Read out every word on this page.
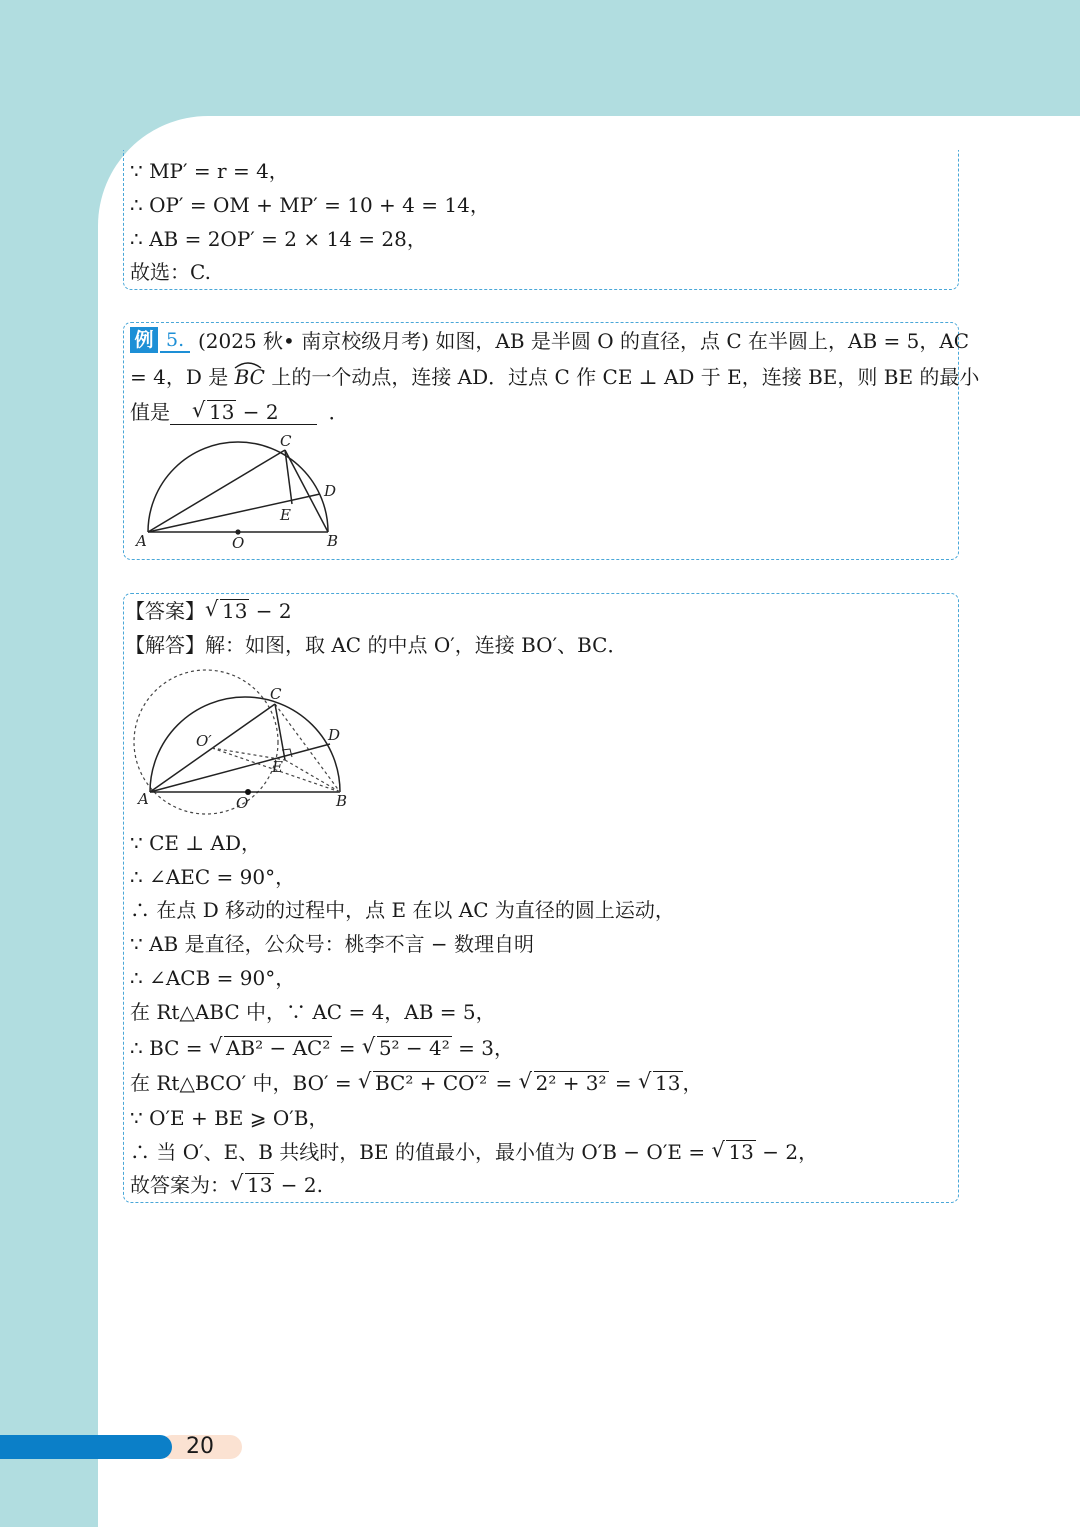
∵ MP′ = r = 4，
∴ OP′ = OM + MP′ = 10 + 4 = 14，
∴ AB = 2OP′ = 2 × 14 = 28，
故选：C.
例 5. (2025 秋• 南京校级月考) 如图，AB 是半圆 O 的直径，点 C 在半圆上，AB = 5，AC
= 4，D 是 BC 上的一个动点，连接 AD．过点 C 作 CE ⊥ AD 于 E，连接 BE，则 BE 的最小
值是 √ 13 − 2	．
C
D
E
A	O	B
【答案】 √ 13 − 2
【解答】解：如图，取 AC 的中点 O′，连接 BO′、BC．
C
D
O′
E
A	O	B
∵ CE ⊥ AD，
∴ ∠AEC = 90°，
∴ 在点 D 移动的过程中，点 E 在以 AC 为直径的圆上运动，
∵ AB 是直径，公众号：桃李不言 − 数理自明
∴ ∠ACB = 90°，
在 Rt△ABC 中，∵ AC = 4，AB = 5，
∴ BC = √ AB² − AC² = √ 5² − 4² = 3，
在 Rt△BCO′ 中，BO′ = √ BC² + CO′² = √ 2² + 3² = √ 13 ，
∵ O′E + BE ⩾ O′B，
∴ 当 O′、E、B 共线时，BE 的值最小，最小值为 O′B − O′E = √ 13 − 2，
故答案为： √ 13 − 2.
20
